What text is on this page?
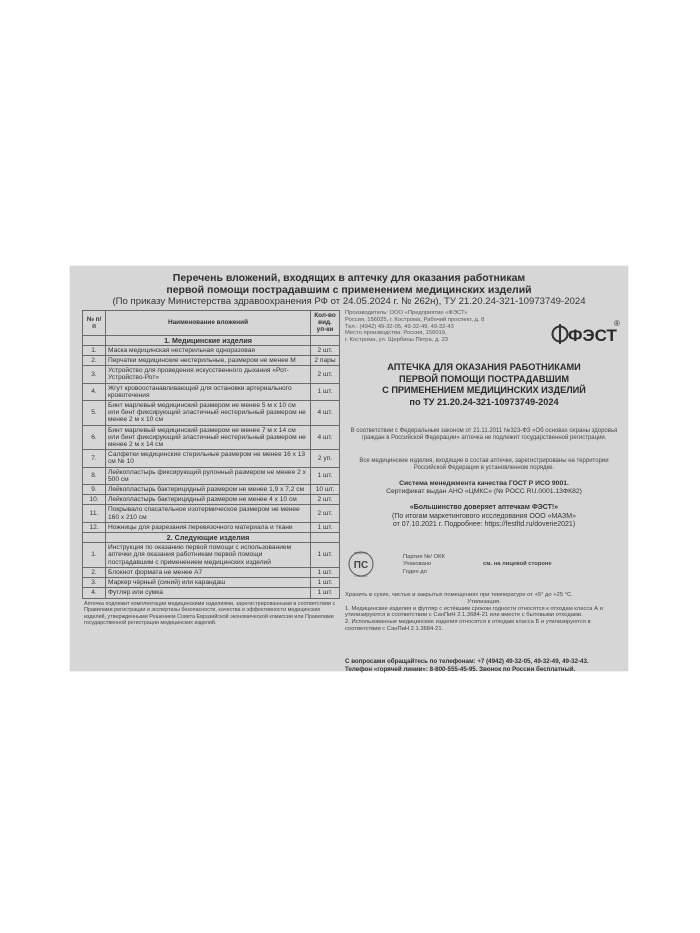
Перечень вложений, входящих в аптечку для оказания работникам
первой помощи пострадавшим с применением медицинских изделий
(По приказу Министерства здравоохранения РФ от 24.05.2024 г. № 262н), ТУ 21.20.24-321-10973749-2024
№ п/п	Наименование вложений	Кол-во вид. уп-ки
	1. Медицинские изделия	
1.	Маска медицинская нестерильная одноразовая	2 шт.
2.	Перчатки медицинские нестерильные, размером не менее М	2 пары
3.	Устройство для проведения искусственного дыхания «Рот-Устройство-Рот»	2 шт.
4.	Жгут кровоостанавливающий для остановки артериального кровотечения	1 шт.
5.	Бинт марлевый медицинский размером не менее 5 м х 10 см или бинт фиксирующий эластичный нестерильный размером не менее 2 м х 10 см	4 шт.
6.	Бинт марлевый медицинский размером не менее 7 м х 14 см или бинт фиксирующий эластичный нестерильный размером не менее 2 м х 14 см	4 шт.
7.	Салфетки медицинские стерильные размером не менее 16 х 13 см № 10	2 уп.
8.	Лейкопластырь фиксирующий рулонный размером не менее 2 х 500 см	1 шт.
9.	Лейкопластырь бактерицидный размером не менее 1,9 х 7,2 см	10 шт.
10.	Лейкопластырь бактерицидный размером не менее 4 х 10 см	2 шт.
11.	Покрывало спасательное изотермическое размером не менее 160 х 210 см	2 шт.
12.	Ножницы для разрезания перевязочного материала и ткани	1 шт.
	2. Следующие изделия	
1.	Инструкция по оказанию первой помощи с использованием аптечки для оказания работникам первой помощи пострадавшим с применением медицинских изделий	1 шт.
2.	Блокнот формата не менее А7	1 шт.
3.	Маркер чёрный (синий) или карандаш	1 шт.
4.	Футляр или сумка	1 шт.
Аптечка подлежит комплектации медицинскими изделиями, зарегистрированными в соответствии с Правилами регистрации и экспертизы безопасности, качества и эффективности медицинских изделий, утвержденными Решением Совета Евразийской экономической комиссии или Правилами государственной регистрации медицинских изделий.
Производитель: ООО «Предприятие «ФЭСТ»
Россия, 156025, г. Кострома, Рабочий проспект, д. 8
Тел.: (4942) 49-32-05, 49-32-49, 49-32-43
Место производства: Россия, 156019,
г. Кострома, ул. Щербины Петра, д. 23	ФЭСТ
®
АПТЕЧКА ДЛЯ ОКАЗАНИЯ РАБОТНИКАМИ
ПЕРВОЙ ПОМОЩИ ПОСТРАДАВШИМ
С ПРИМЕНЕНИЕМ МЕДИЦИНСКИХ ИЗДЕЛИЙ
по ТУ 21.20.24-321-10973749-2024
В соответствии с Федеральным законом от 21.11.2011 №323-ФЗ «Об основах охраны здоровья граждан в Российской Федерации» аптечка не подлежит государственной регистрации.
Все медицинские изделия, входящие в состав аптечки, зарегистрированы на территории Российской Федерации в установленном порядке.
Система менеджмента качества ГОСТ Р ИСО 9001.
Сертификат выдан АНО «ЦМКС» (№ РОСС RU.0001.13ФК82)
«Большинство доверяет аптечкам ФЭСТ!»
(По итогам маркетингового исследования ООО «МАЗМ»
от 07.10.2021 г. Подробнее: https://festltd.ru/doverie2021)
ПС
ПромТест
Стандарт
Партия №/ ОКК
Упаковано
Годен до
см. на лицевой стороне
Хранить в сухих, чистых и закрытых помещениях при температуре от +5° до +25 °С.
Утилизация.
1. Медицинские изделия и футляр с истёкшим сроком годности относятся к отходам класса А и утилизируются в соответствии с СанПиН 2.1.3684-21 или вместе с бытовыми отходами.
2. Использованные медицинские изделия относятся к отходам класса Б и утилизируются в соответствии с СанПиН 2.1.3684-21.
С вопросами обращайтесь по телефонам: +7 (4942) 49-32-05, 49-32-49, 49-32-43.
Телефон «горячей линии»: 8-800-555-45-95. Звонок по России бесплатный.
